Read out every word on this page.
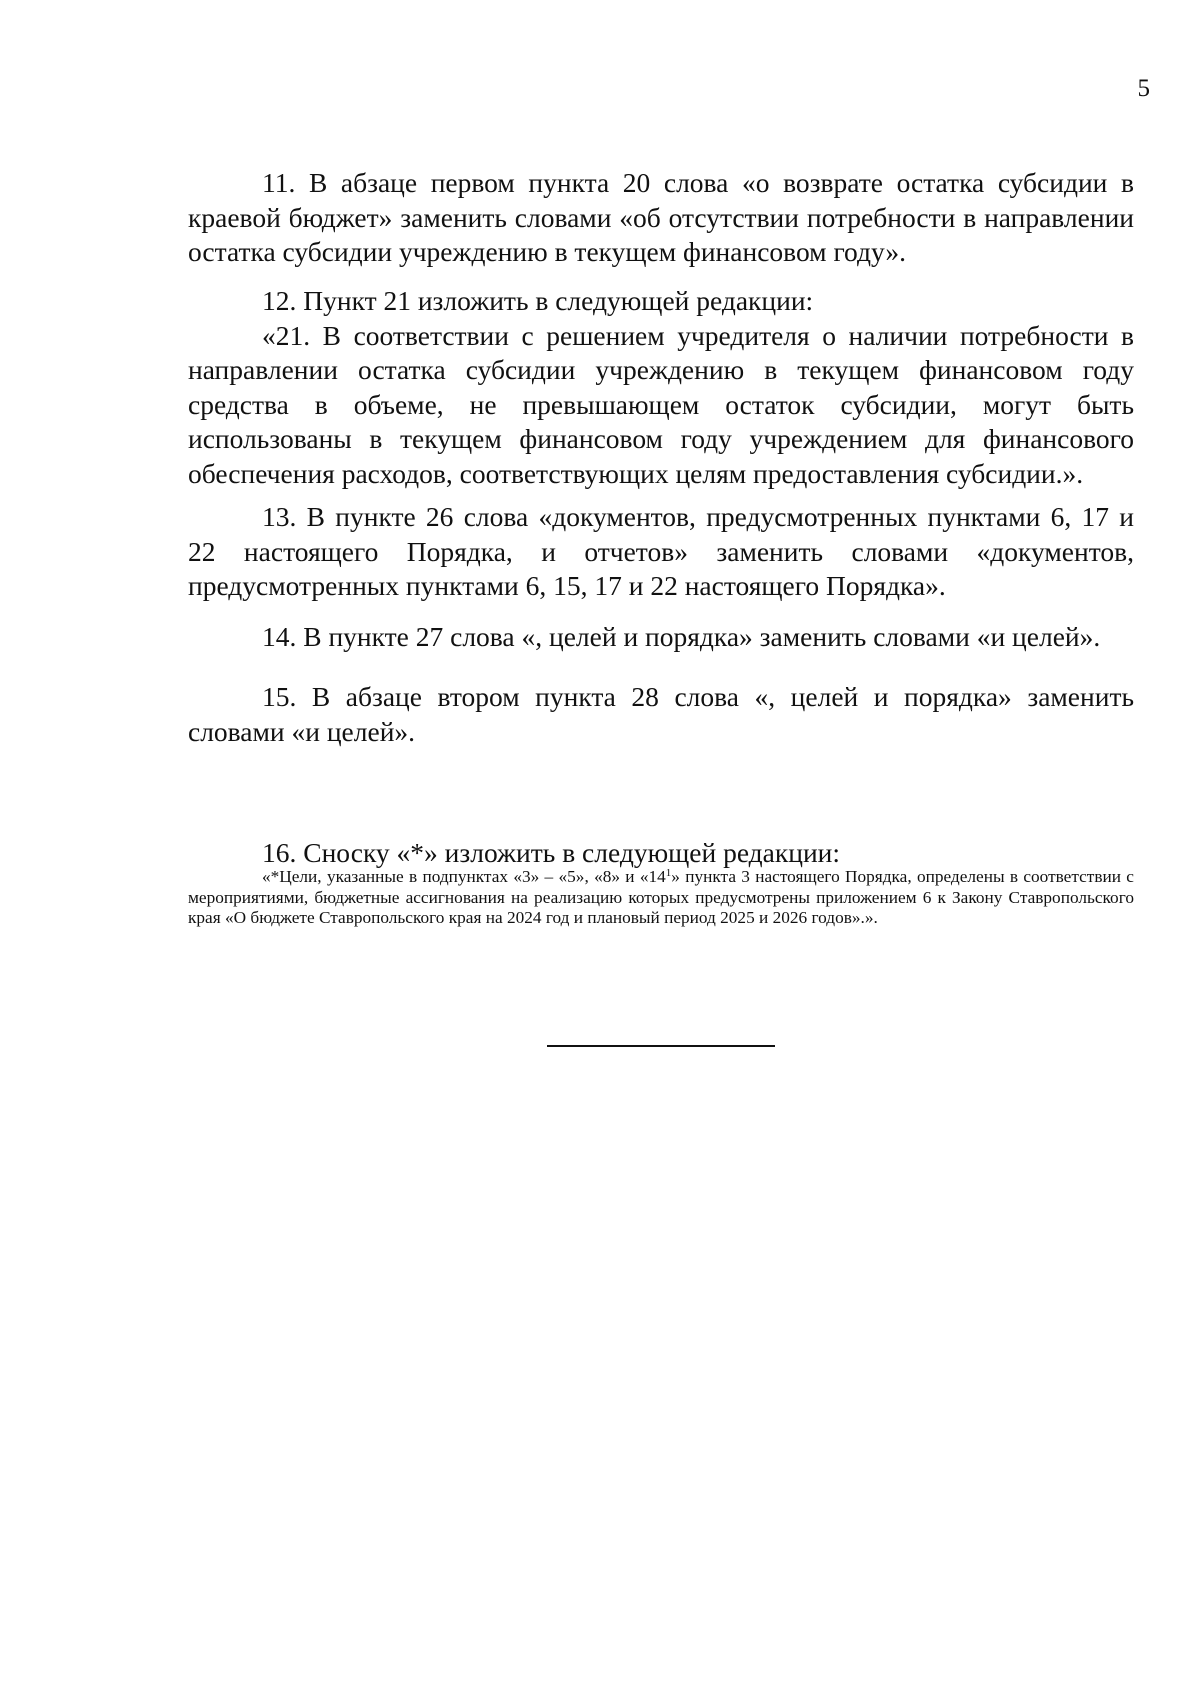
5

11. В абзаце первом пункта 20 слова «о возврате остатка субсидии в краевой бюджет» заменить словами «об отсутствии потребности в направлении остатка субсидии учреждению в текущем финансовом году».

12. Пункт 21 изложить в следующей редакции:

«21. В соответствии с решением учредителя о наличии потребности в направлении остатка субсидии учреждению в текущем финансовом году средства в объеме, не превышающем остаток субсидии, могут быть использованы в текущем финансовом году учреждением для финансового обеспечения расходов, соответствующих целям предоставления субсидии.».

13. В пункте 26 слова «документов, предусмотренных пунктами 6, 17 и 22 настоящего Порядка, и отчетов» заменить словами «документов, предусмотренных пунктами 6, 15, 17 и 22 настоящего Порядка».

14. В пункте 27 слова «, целей и порядка» заменить словами «и целей».

15. В абзаце втором пункта 28 слова «, целей и порядка» заменить словами «и целей».

16. Сноску «*» изложить в следующей редакции:

«*Цели, указанные в подпунктах «3» – «5», «8» и «$14^1$» пункта 3 настоящего Порядка, определены в соответствии с мероприятиями, бюджетные ассигнования на реализацию которых предусмотрены приложением 6 к Закону Ставропольского края «О бюджете Ставропольского края на 2024 год и плановый период 2025 и 2026 годов».».
